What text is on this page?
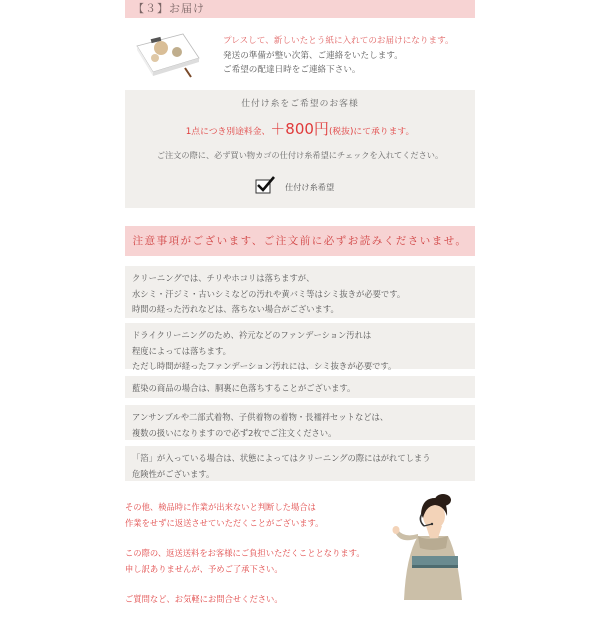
【３】お届け
プレスして、新しいたとう紙に入れてのお届けになります。
発送の準備が整い次第、ご連絡をいたします。
ご希望の配達日時をご連絡下さい。
仕付け糸をご希望のお客様
1点につき別途料金、＋800円(税抜)にて承ります。
ご注文の際に、必ず買い物カゴの仕付け糸希望にチェックを入れてください。
仕付け糸希望
注意事項がございます、ご注文前に必ずお読みくださいませ。
クリーニングでは、チリやホコリは落ちますが、
水シミ・汗ジミ・古いシミなどの汚れや黄バミ等はシミ抜きが必要です。
時間の経った汚れなどは、落ちない場合がございます。
ドライクリーニングのため、衿元などのファンデーション汚れは
程度によっては落ちます。
ただし時間が経ったファンデーション汚れには、シミ抜きが必要です。
藍染の商品の場合は、胴裏に色落ちすることがございます。
アンサンブルや二部式着物、子供着物の着物・長襦袢セットなどは、
複数の扱いになりますので必ず2枚でご注文ください。
「箔」が入っている場合は、状態によってはクリーニングの際にはがれてしまう
危険性がございます。

その他、検品時に作業が出来ないと判断した場合は
作業をせずに返送させていただくことがございます。

この際の、返送送料をお客様にご負担いただくこととなります。
申し訳ありませんが、予めご了承下さい。

ご質問など、お気軽にお問合せください。
